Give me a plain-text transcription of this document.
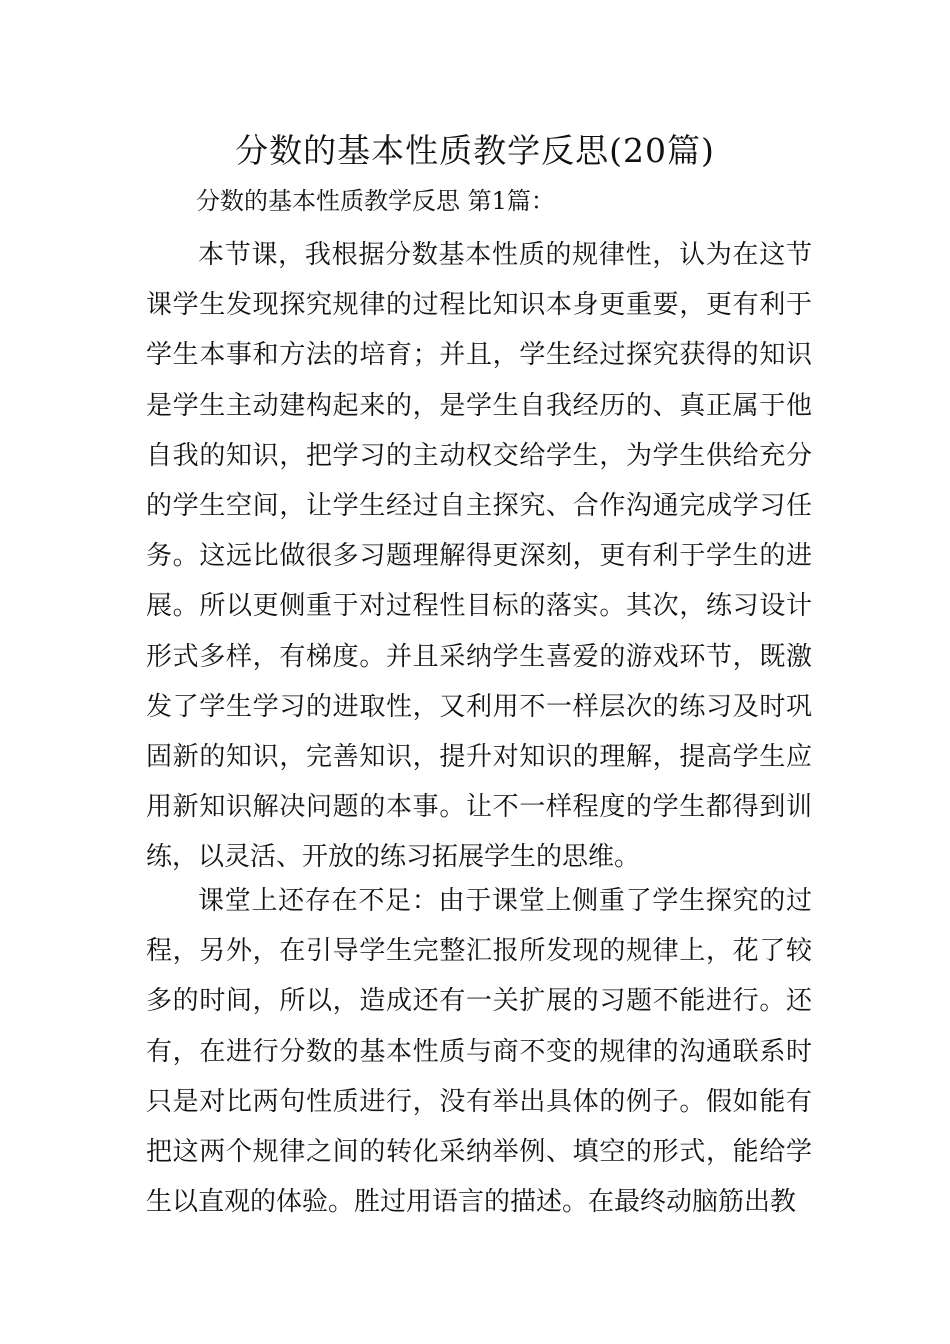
分数的基本性质教学反思(20篇)

分数的基本性质教学反思 第1篇：

本节课，我根据分数基本性质的规律性，认为在这节课学生发现探究规律的过程比知识本身更重要，更有利于学生本事和方法的培育；并且，学生经过探究获得的知识是学生主动建构起来的，是学生自我经历的、真正属于他自我的知识，把学习的主动权交给学生，为学生供给充分的学生空间，让学生经过自主探究、合作沟通完成学习任务。这远比做很多习题理解得更深刻，更有利于学生的进展。所以更侧重于对过程性目标的落实。其次，练习设计形式多样，有梯度。并且采纳学生喜爱的游戏环节，既激发了学生学习的进取性，又利用不一样层次的练习及时巩固新的知识，完善知识，提升对知识的理解，提高学生应用新知识解决问题的本事。让不一样程度的学生都得到训练，以灵活、开放的练习拓展学生的思维。

课堂上还存在不足：由于课堂上侧重了学生探究的过程，另外，在引导学生完整汇报所发现的规律上，花了较多的时间，所以，造成还有一关扩展的习题不能进行。还有，在进行分数的基本性质与商不变的规律的沟通联系时只是对比两句性质进行，没有举出具体的例子。假如能有把这两个规律之间的转化采纳举例、填空的形式，能给学生以直观的体验。胜过用语言的描述。在最终动脑筋出教
